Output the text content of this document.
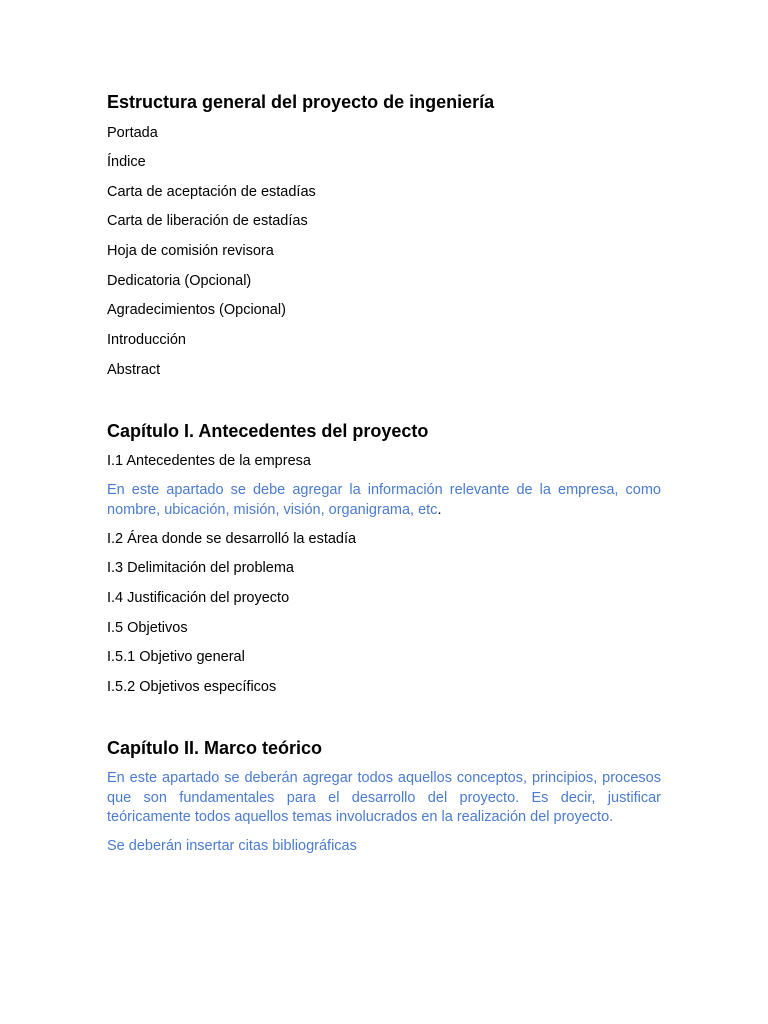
Estructura general del proyecto de ingeniería

Portada

Índice

Carta de aceptación de estadías

Carta de liberación de estadías

Hoja de comisión revisora

Dedicatoria (Opcional)

Agradecimientos (Opcional)

Introducción

Abstract

Capítulo I. Antecedentes del proyecto

I.1 Antecedentes de la empresa

En este apartado se debe agregar la información relevante de la empresa, como nombre, ubicación, misión, visión, organigrama, etc.

I.2 Área donde se desarrolló la estadía

I.3 Delimitación del problema

I.4 Justificación del proyecto

I.5 Objetivos

I.5.1 Objetivo general

I.5.2 Objetivos específicos

Capítulo II. Marco teórico

En este apartado se deberán agregar todos aquellos conceptos, principios, procesos que son fundamentales para el desarrollo del proyecto. Es decir, justificar teóricamente todos aquellos temas involucrados en la realización del proyecto.

Se deberán insertar citas bibliográficas
